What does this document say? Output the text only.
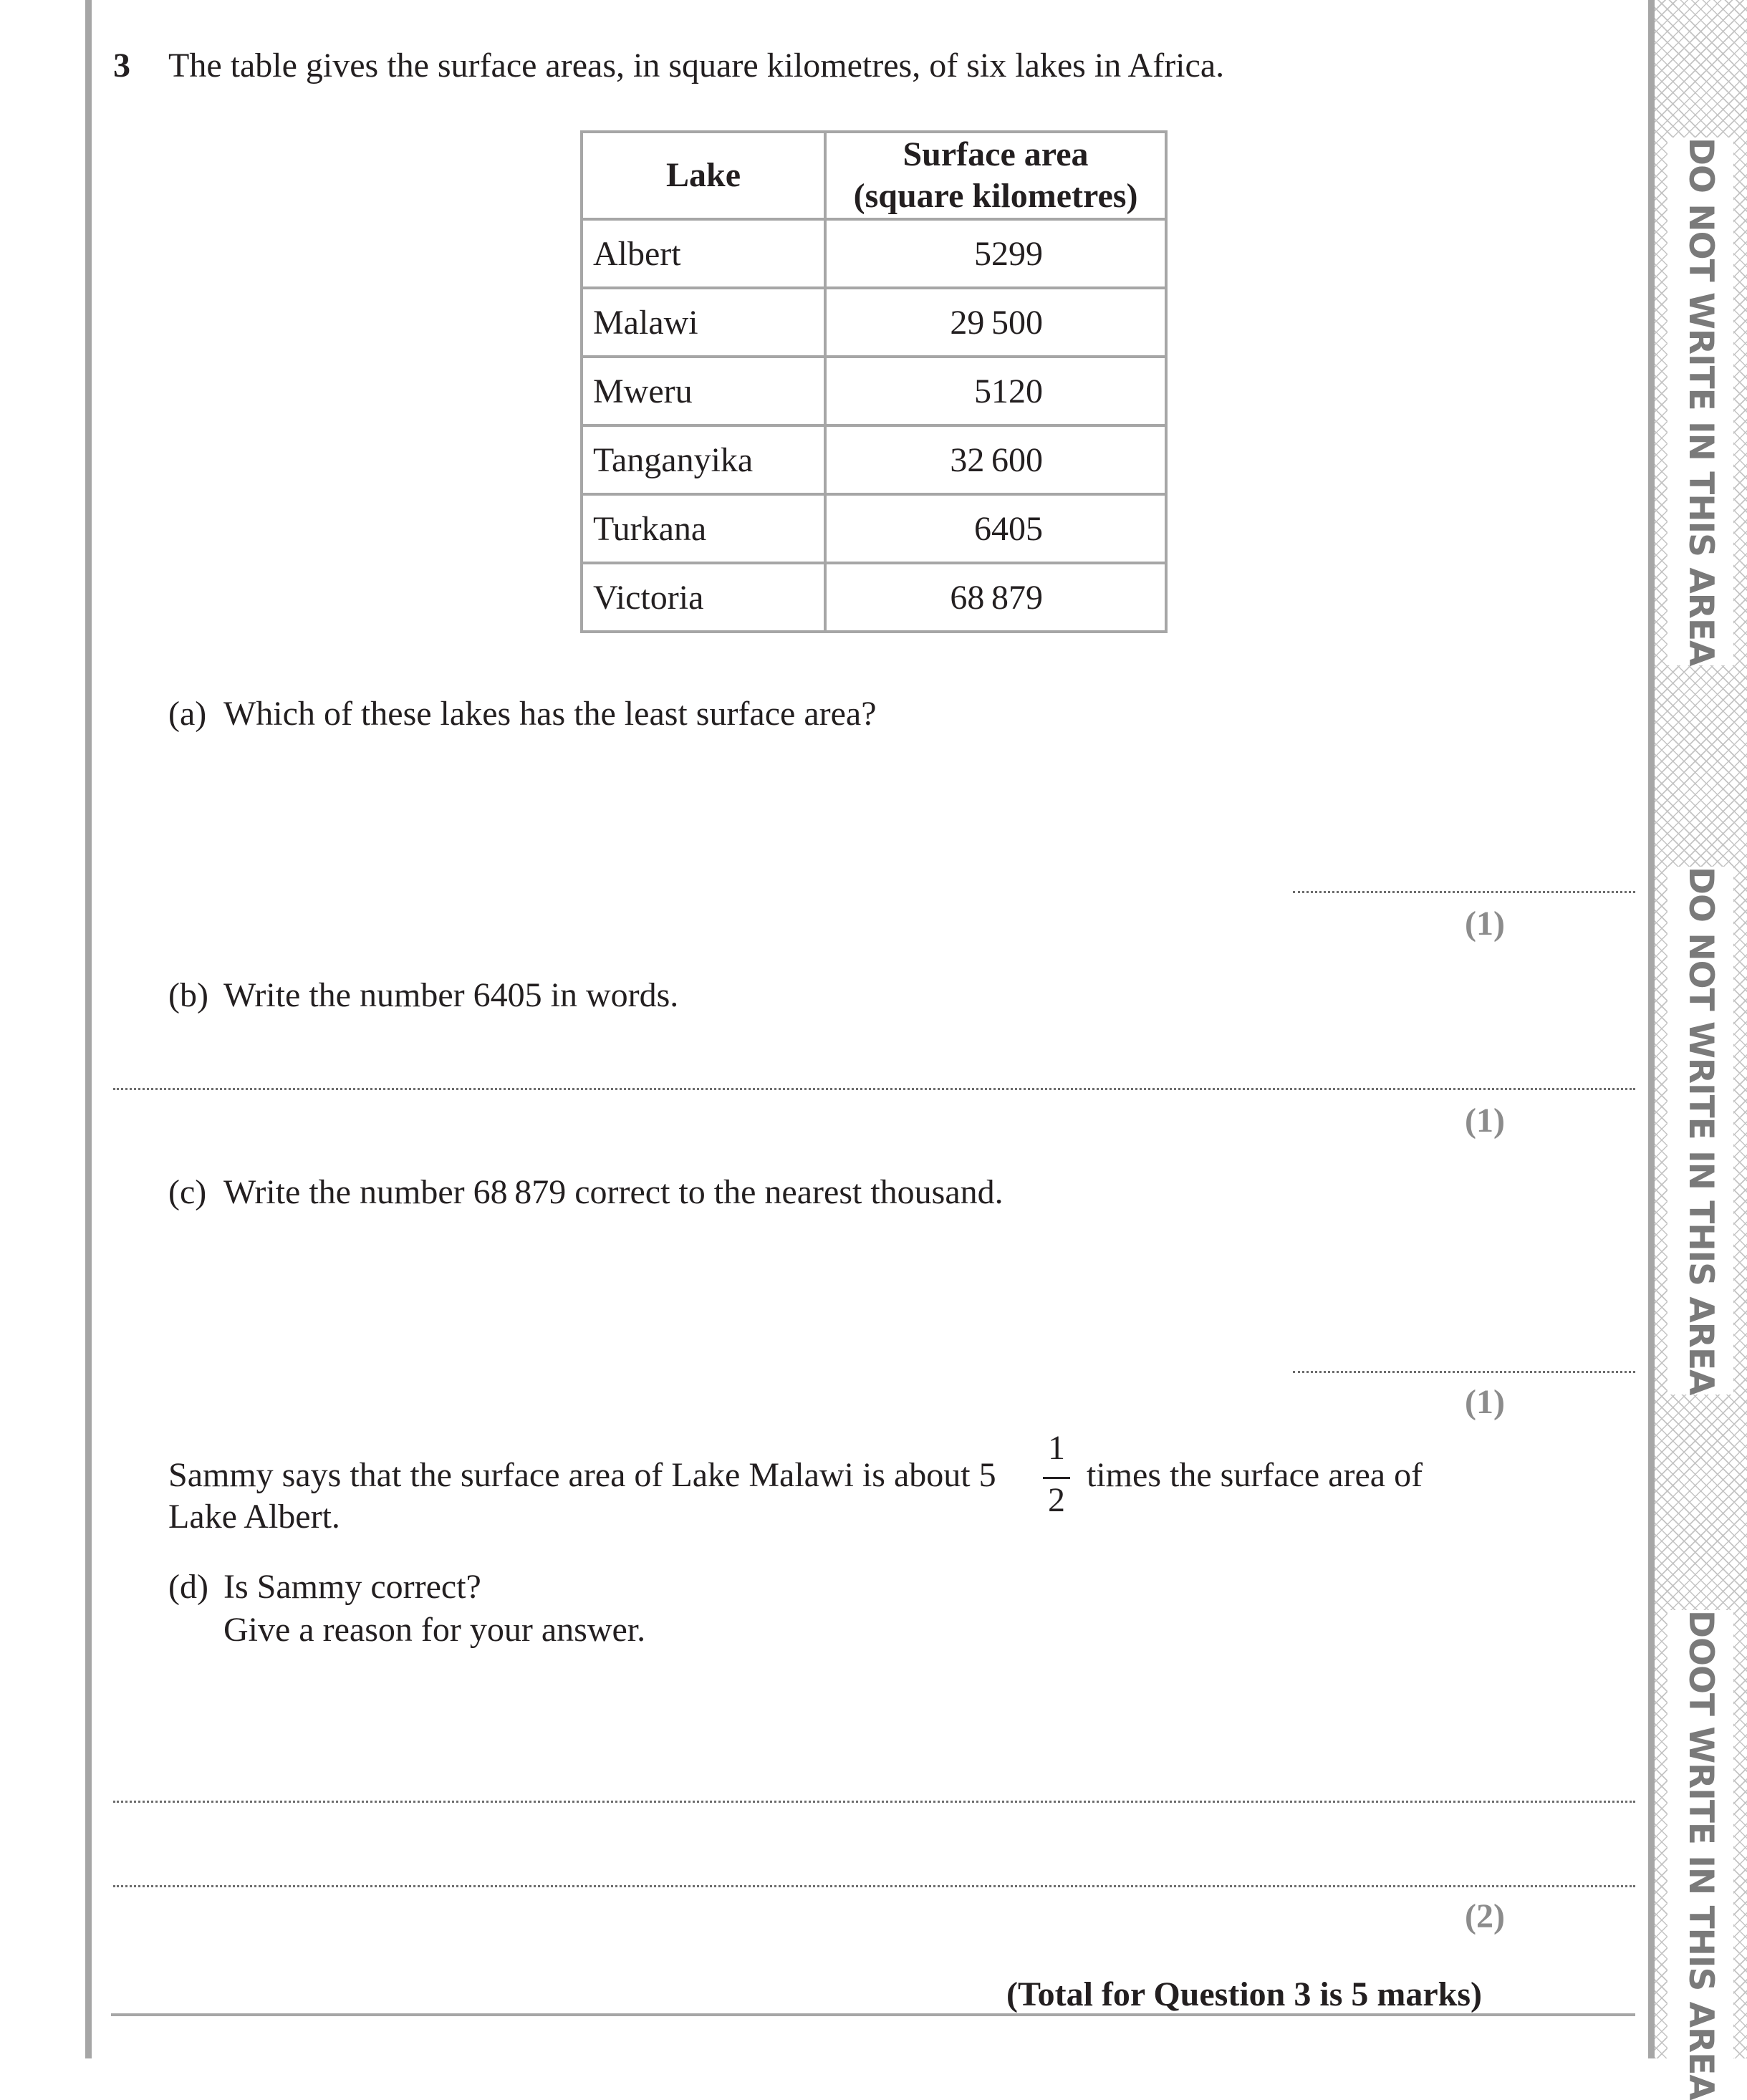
DO NOT WRITE IN THIS AREA
DO NOT WRITE IN THIS AREA
DOOT WRITE IN THIS AREA
3 The table gives the surface areas, in square kilometres, of six lakes in Africa.
Lake	Surface area
(square kilometres)
Albert	5299
Malawi	29 500
Mweru	5120
Tanganyika	32 600
Turkana	6405
Victoria	68 879
(a) Which of these lakes has the least surface area?
(1)
(b) Write the number 6405 in words.
(1)
(c) Write the number 68 879 correct to the nearest thousand.
(1)
Sammy says that the surface area of Lake Malawi is about 5
1
2
times the surface area of
Lake Albert.
(d) Is Sammy correct?
Give a reason for your answer.
(2)
(Total for Question 3 is 5 marks)
